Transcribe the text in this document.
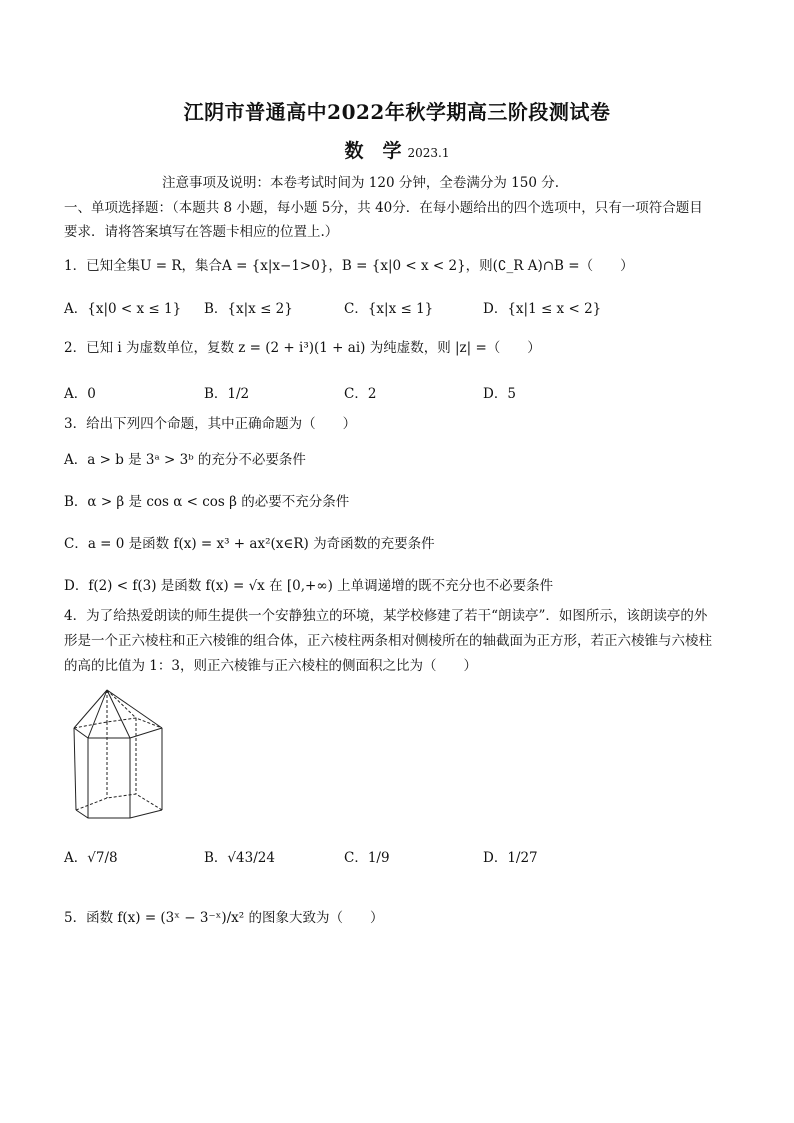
江阴市普通高中2022年秋学期高三阶段测试卷
数　学 2023.1
注意事项及说明：本卷考试时间为 120 分钟，全卷满分为 150 分.
一、单项选择题：（本题共 8 小题，每小题 5分，共 40分．在每小题给出的四个选项中，只有一项符合题目
要求．请将答案填写在答题卡相应的位置上.）
1．已知全集U = R，集合A = {x|x−1>0}，B = {x|0 < x < 2}，则(∁_R A)∩B =（　　）
A．{x|0 < x ≤ 1} B．{x|x ≤ 2}	C．{x|x ≤ 1}	D．{x|1 ≤ x < 2}
2．已知 i 为虚数单位，复数 z = (2 + i³)(1 + ai) 为纯虚数，则 |z| =（　　）
A．0	B．1/2	C．2	D．5
3．给出下列四个命题，其中正确命题为（　　）
A．a > b 是 3ᵃ > 3ᵇ 的充分不必要条件
B．α > β 是 cos α < cos β 的必要不充分条件
C．a = 0 是函数 f(x) = x³ + ax²(x∈R) 为奇函数的充要条件
D．f(2) < f(3) 是函数 f(x) = √x 在 [0,+∞) 上单调递增的既不充分也不必要条件
4．为了给热爱朗读的师生提供一个安静独立的环境，某学校修建了若干“朗读亭”．如图所示，该朗读亭的外
形是一个正六棱柱和正六棱锥的组合体，正六棱柱两条相对侧棱所在的轴截面为正方形，若正六棱锥与六棱柱
的高的比值为 1：3，则正六棱锥与正六棱柱的侧面积之比为（　　）
A．√7/8	B．√43/24	C．1/9	D．1/27
5．函数 f(x) = (3ˣ − 3⁻ˣ)/x² 的图象大致为（　　）
